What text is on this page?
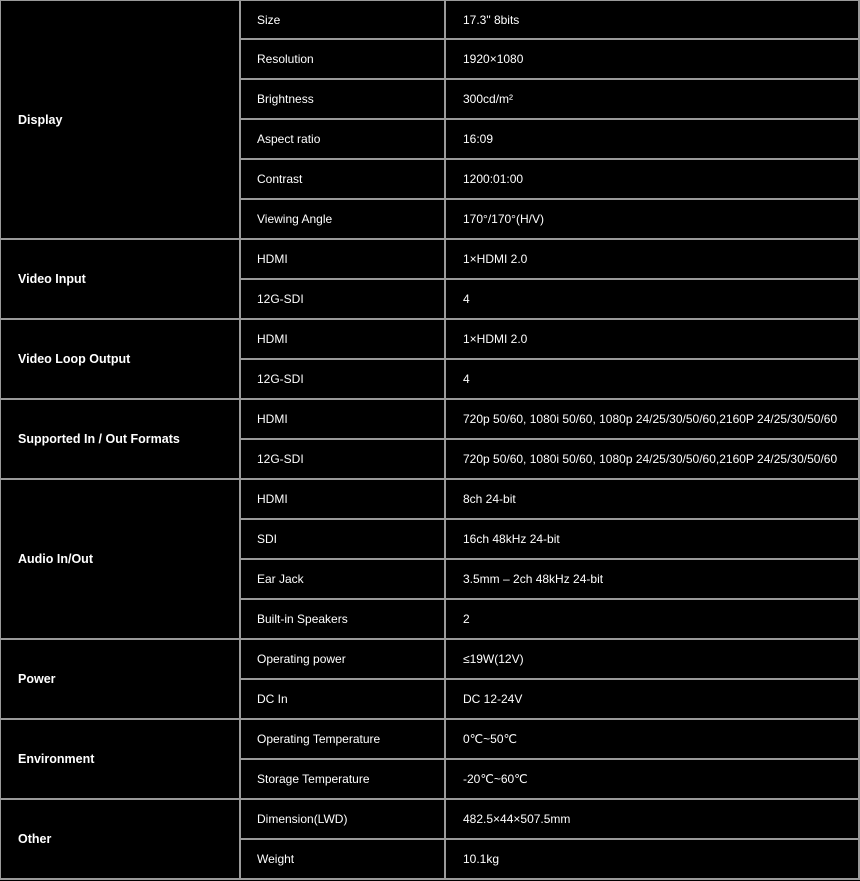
Display	Size	17.3" 8bits
	Resolution	1920×1080
	Brightness	300cd/m²
	Aspect ratio	16:09
	Contrast	1200:01:00
	Viewing Angle	170°/170°(H/V)
Video Input	HDMI	1×HDMI 2.0
	12G-SDI	4
Video Loop Output	HDMI	1×HDMI 2.0
	12G-SDI	4
Supported In / Out Formats	HDMI	720p 50/60, 1080i 50/60, 1080p 24/25/30/50/60,2160P 24/25/30/50/60
	12G-SDI	720p 50/60, 1080i 50/60, 1080p 24/25/30/50/60,2160P 24/25/30/50/60
Audio In/Out	HDMI	8ch 24-bit
	SDI	16ch 48kHz 24-bit
	Ear Jack	3.5mm – 2ch 48kHz 24-bit
	Built-in Speakers	2
Power	Operating power	≤19W(12V)
	DC In	DC 12-24V
Environment	Operating Temperature	0℃~50℃
	Storage Temperature	-20℃~60℃
Other	Dimension(LWD)	482.5×44×507.5mm
	Weight	10.1kg
